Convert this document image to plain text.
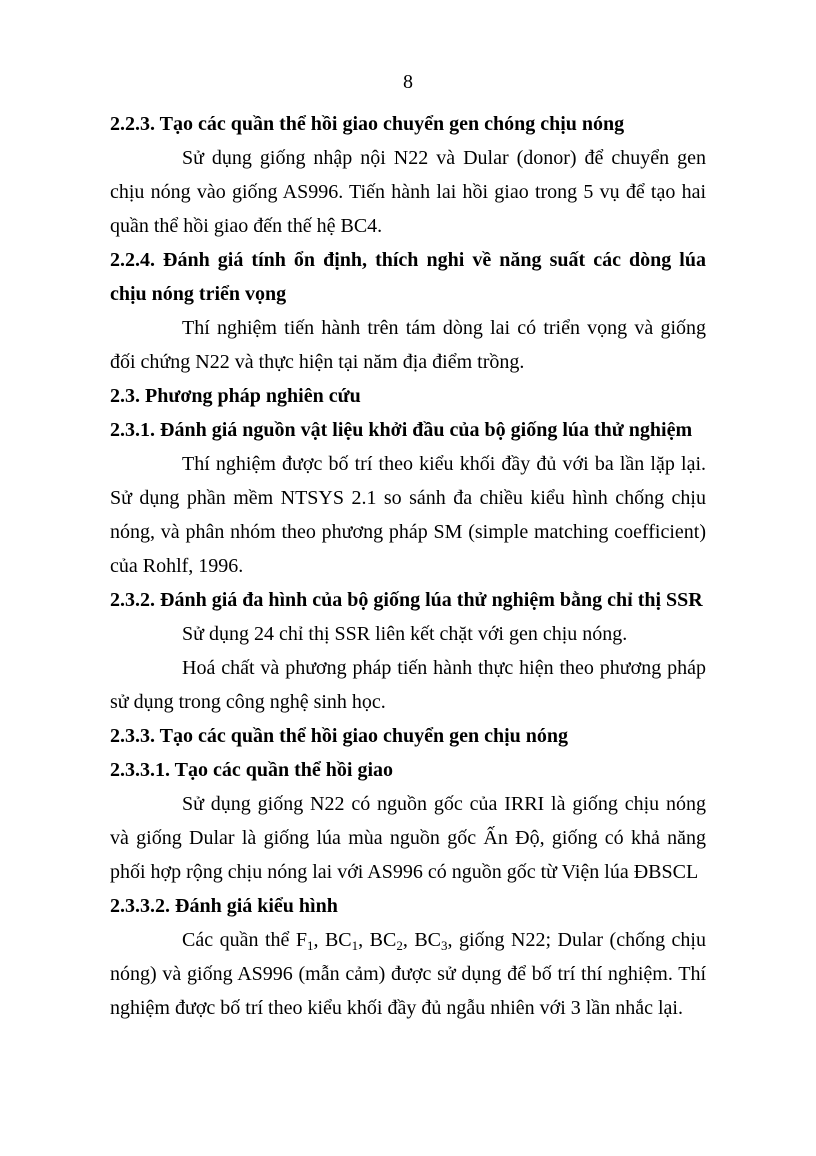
8

2.2.3. Tạo các quần thể hồi giao chuyển gen chóng chịu nóng

Sử dụng giống nhập nội N22 và Dular (donor) để chuyển gen chịu nóng vào giống AS996. Tiến hành lai hồi giao trong 5 vụ để tạo hai quần thể hồi giao đến thế hệ BC4.

2.2.4. Đánh giá tính ổn định, thích nghi về năng suất các dòng lúa chịu nóng triển vọng

Thí nghiệm tiến hành trên tám dòng lai có triển vọng và giống đối chứng N22 và thực hiện tại năm địa điểm trồng.

2.3. Phương pháp nghiên cứu

2.3.1. Đánh giá nguồn vật liệu khởi đầu của bộ giống lúa thử nghiệm

Thí nghiệm được bố trí theo kiểu khối đầy đủ với ba lần lặp lại. Sử dụng phần mềm NTSYS 2.1 so sánh đa chiều kiểu hình chống chịu nóng, và phân nhóm theo phương pháp SM (simple matching coefficient) của Rohlf, 1996.

2.3.2. Đánh giá đa hình của bộ giống lúa thử nghiệm bằng chỉ thị SSR

Sử dụng 24 chỉ thị SSR liên kết chặt với gen chịu nóng.

Hoá chất và phương pháp tiến hành thực hiện theo phương pháp sử dụng trong công nghệ sinh học.

2.3.3. Tạo các quần thể hồi giao chuyển gen chịu nóng

2.3.3.1. Tạo các quần thể hồi giao

Sử dụng giống N22 có nguồn gốc của IRRI là giống chịu nóng và giống Dular là giống lúa mùa nguồn gốc Ấn Độ, giống có khả năng phối hợp rộng chịu nóng lai với AS996 có nguồn gốc từ Viện lúa ĐBSCL

2.3.3.2. Đánh giá kiểu hình

Các quần thể $F_1$, $BC_1$, $BC_2$, $BC_3$, giống N22; Dular (chống chịu nóng) và giống AS996 (mẫn cảm) được sử dụng để bố trí thí nghiệm. Thí nghiệm được bố trí theo kiểu khối đầy đủ ngẫu nhiên với 3 lần nhắc lại.
